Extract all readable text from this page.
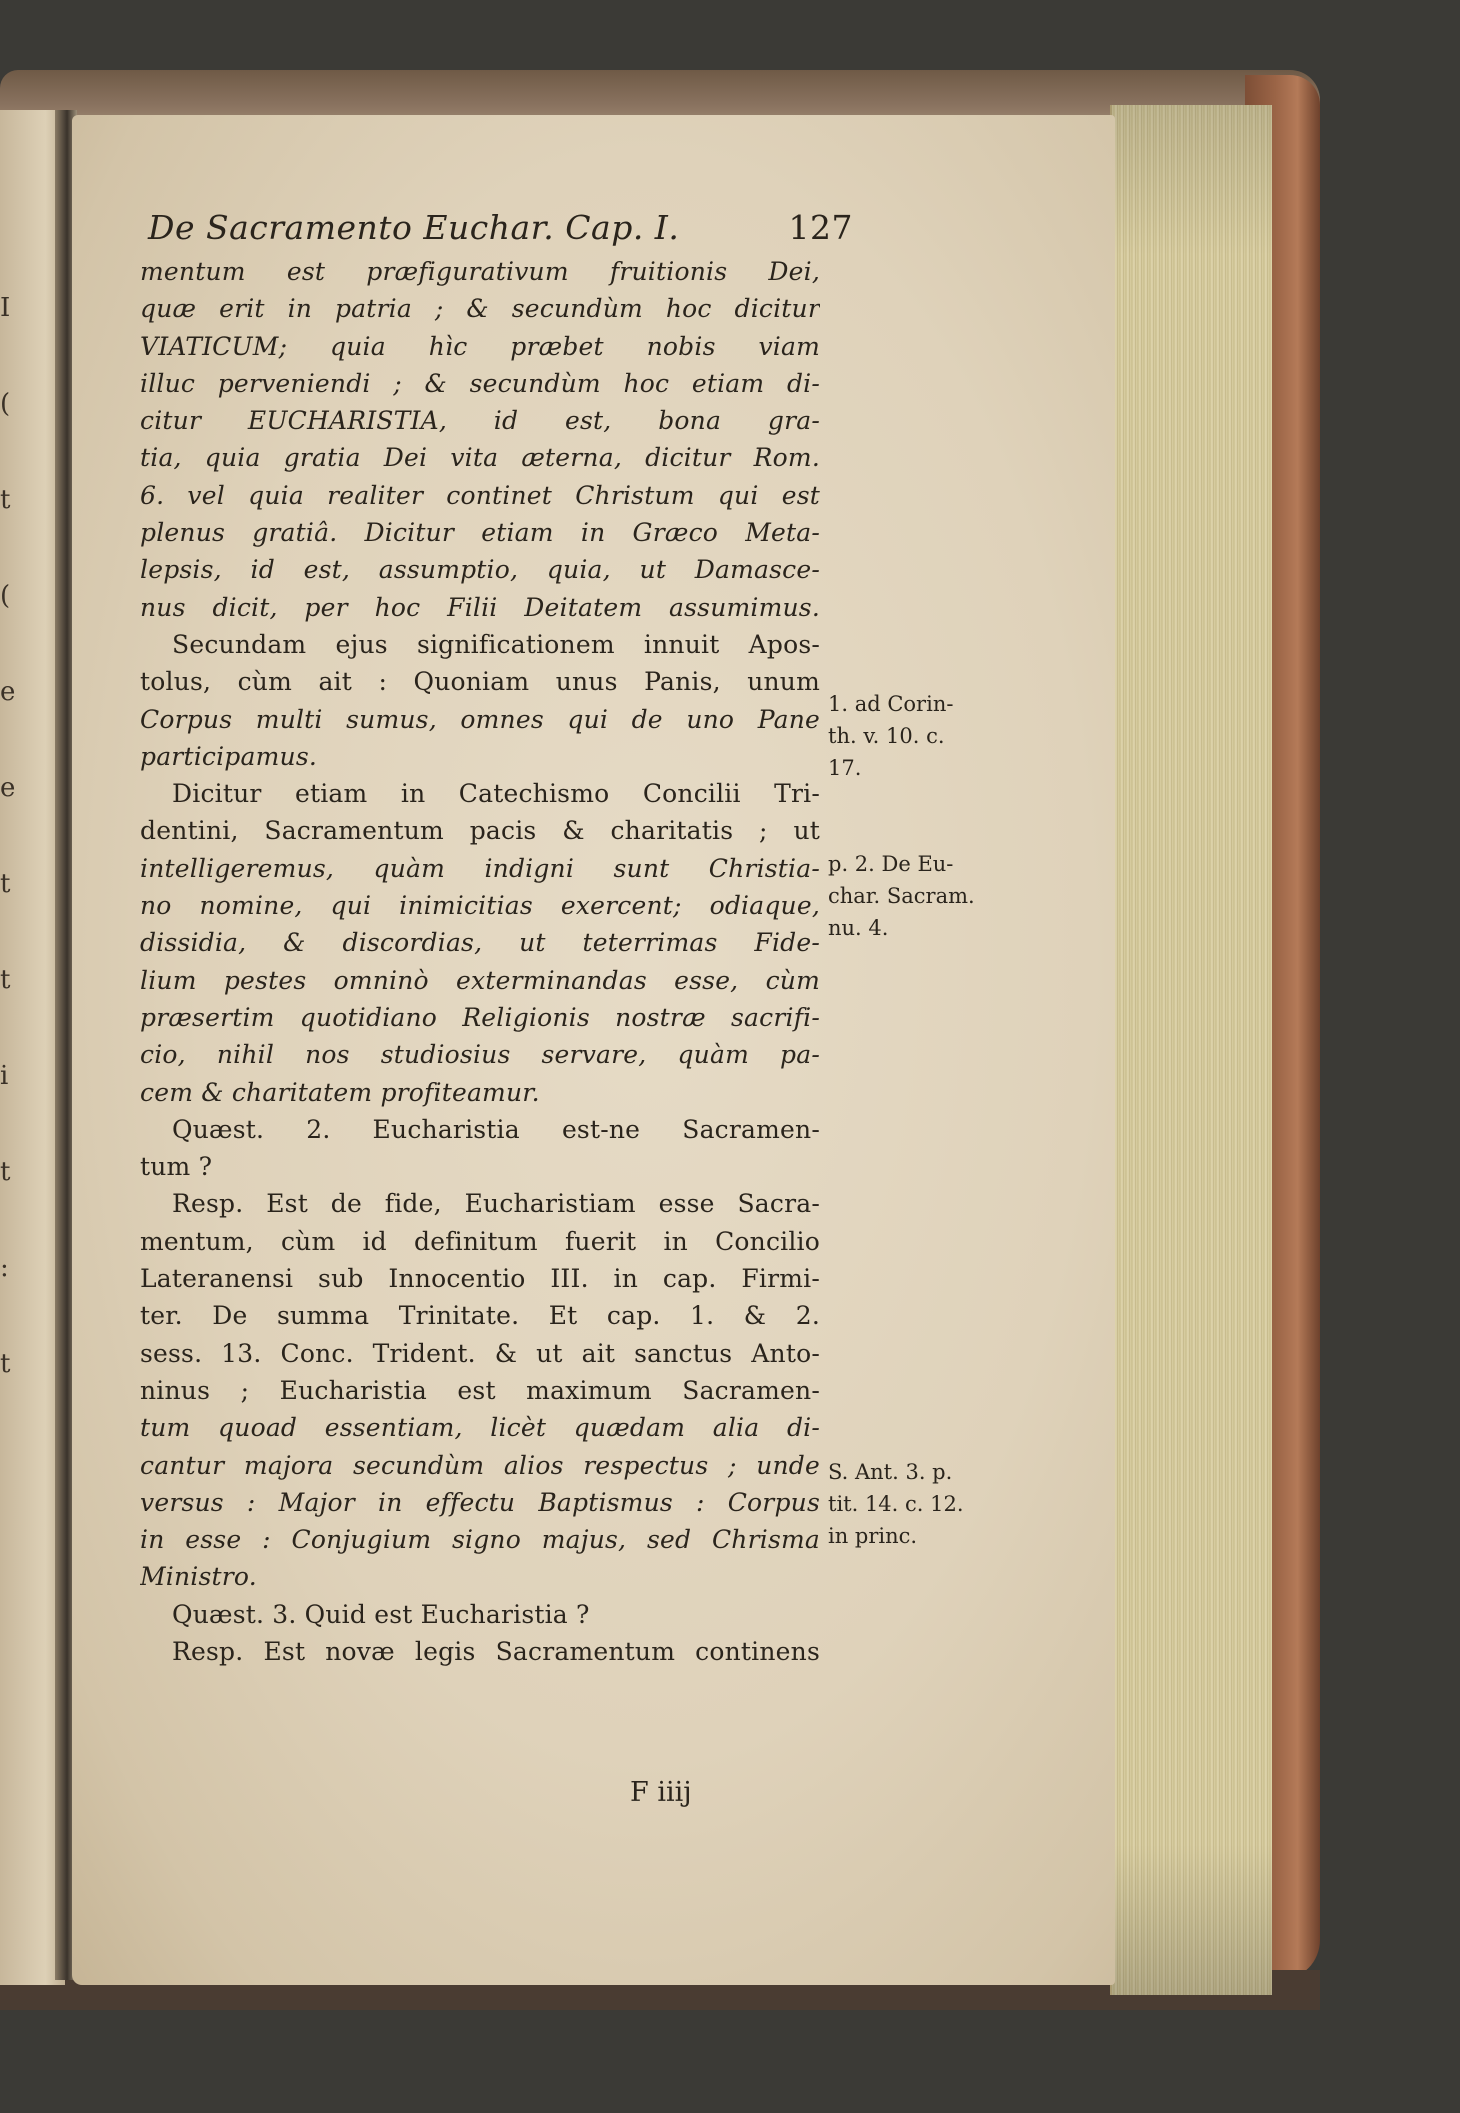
I
(
t
(
e
e
t
t
i
t
:
t
De Sacramento Euchar. Cap. I.	127
mentum est præfigurativum fruitionis Dei,
quæ erit in patria ; & secundùm hoc dicitur
VIATICUM; quia hìc præbet nobis viam
illuc perveniendi ; & secundùm hoc etiam di-
citur EUCHARISTIA, id est, bona gra-
tia, quia gratia Dei vita æterna, dicitur Rom.
6. vel quia realiter continet Christum qui est
plenus gratiâ. Dicitur etiam in Græco Meta-
lepsis, id est, assumptio, quia, ut Damasce-
nus dicit, per hoc Filii Deitatem assumimus.
Secundam ejus significationem innuit Apos-
tolus, cùm ait : Quoniam unus Panis, unum
Corpus multi sumus, omnes qui de uno Pane
participamus.
Dicitur etiam in Catechismo Concilii Tri-
dentini, Sacramentum pacis & charitatis ; ut
intelligeremus, quàm indigni sunt Christia-
no nomine, qui inimicitias exercent; odiaque,
dissidia, & discordias, ut teterrimas Fide-
lium pestes omninò exterminandas esse, cùm
præsertim quotidiano Religionis nostræ sacrifi-
cio, nihil nos studiosius servare, quàm pa-
cem & charitatem profiteamur.
Quæst. 2. Eucharistia est-ne Sacramen-
tum ?
Resp. Est de fide, Eucharistiam esse Sacra-
mentum, cùm id definitum fuerit in Concilio
Lateranensi sub Innocentio III. in cap. Firmi-
ter. De summa Trinitate. Et cap. 1. & 2.
sess. 13. Conc. Trident. & ut ait sanctus Anto-
ninus ; Eucharistia est maximum Sacramen-
tum quoad essentiam, licèt quædam alia di-
cantur majora secundùm alios respectus ; unde
versus : Major in effectu Baptismus : Corpus
in esse : Conjugium signo majus, sed Chrisma
Ministro.
Quæst. 3. Quid est Eucharistia ?
Resp. Est novæ legis Sacramentum continens
F iiij
1. ad Corin-
th. v. 10. c.
17.
p. 2. De Eu-
char. Sacram.
nu. 4.
S. Ant. 3. p.
tit. 14. c. 12.
in princ.
